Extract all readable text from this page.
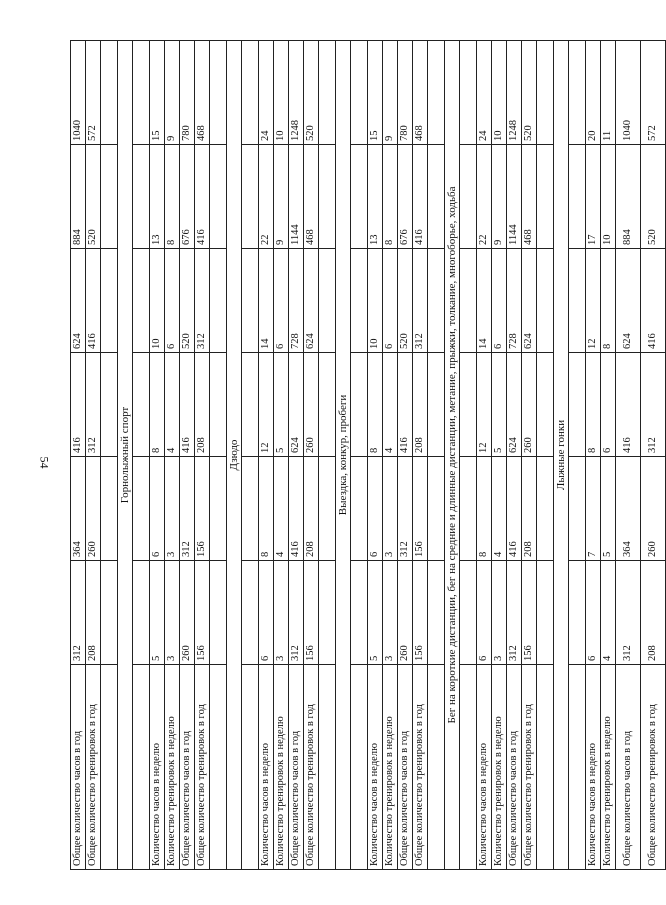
54
Общее количество часов в год	312	364	416	624	884	1040
Общее количество тренировок в год	208	260	312	416	520	572

Горнолыжный спорт						

Количество часов в неделю	5	6	8	10	13	15
Количество тренировок в неделю	3	3	4	6	8	9
Общее количество часов в год	260	312	416	520	676	780
Общее количество тренировок в год	156	156	208	312	416	468

Дзюдо						

Количество часов в неделю	6	8	12	14	22	24
Количество тренировок в неделю	3	4	5	6	9	10
Общее количество часов в год	312	416	624	728	1144	1248
Общее количество тренировок в год	156	208	260	624	468	520

Выездка, конкур, пробеги						

Количество часов в неделю	5	6	8	10	13	15
Количество тренировок в неделю	3	3	4	6	8	9
Общее количество часов в год	260	312	416	520	676	780
Общее количество тренировок в год	156	156	208	312	416	468

Бег на короткие дистанции, бег на средние и длинные дистанции, метание, прыжки, толкание, многоборье, ходьба						

Количество часов в неделю	6	8	12	14	22	24
Количество тренировок в неделю	3	4	5	6	9	10
Общее количество часов в год	312	416	624	728	1144	1248
Общее количество тренировок в год	156	208	260	624	468	520

Лыжные гонки						

Количество часов в неделю	6	7	8	12	17	20
Количество тренировок в неделю	4	5	6	8	10	11
Общее количество часов в год	312	364	416	624	884	1040
Общее количество тренировок в год	208	260	312	416	520	572
